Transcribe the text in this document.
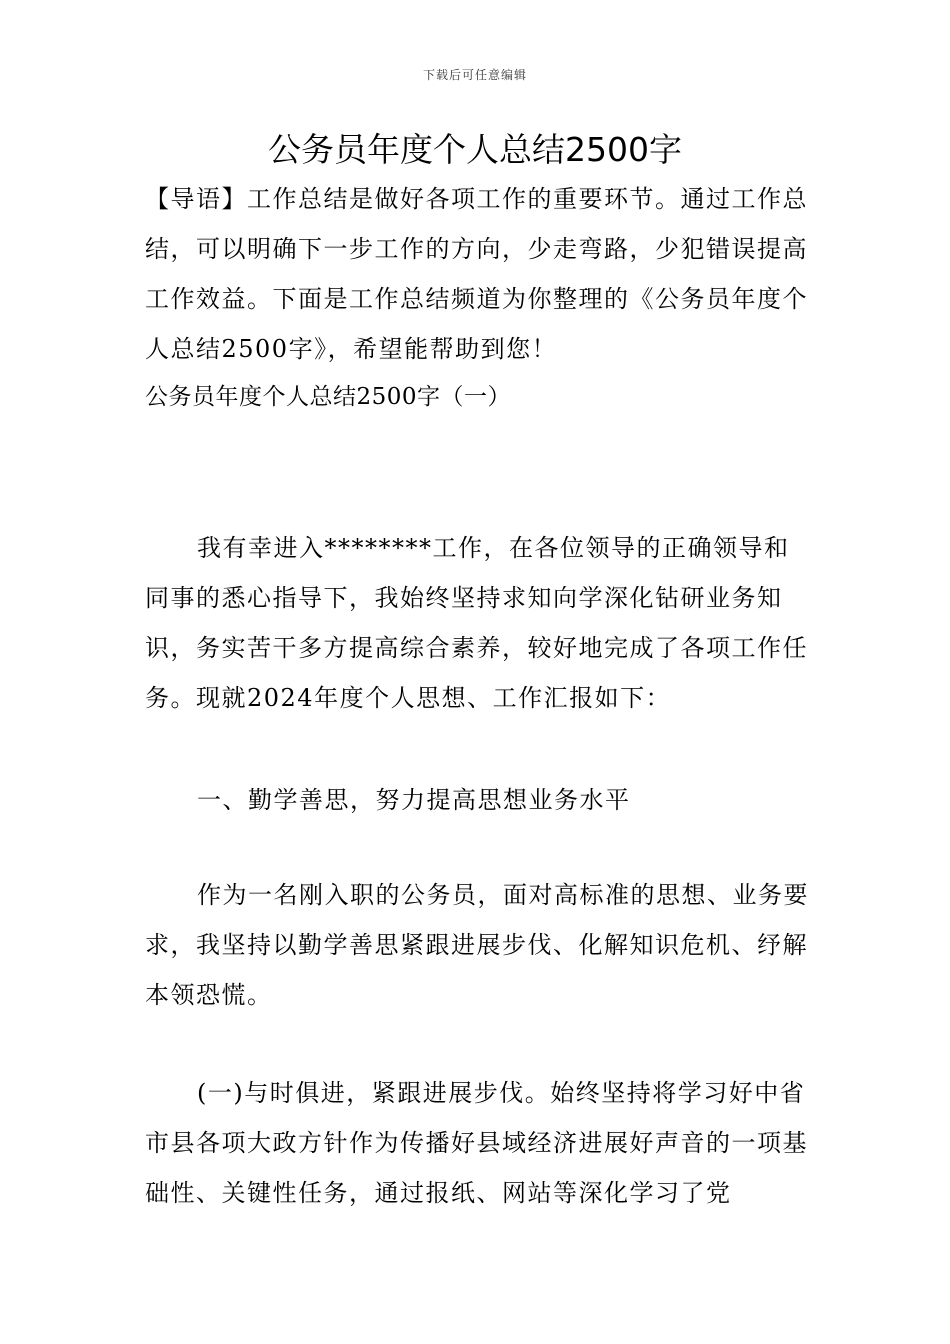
下载后可任意编辑
公务员年度个人总结2500字

【导语】工作总结是做好各项工作的重要环节。通过工作总结，可以明确下一步工作的方向，少走弯路，少犯错误提高工作效益。下面是工作总结频道为你整理的《公务员年度个人总结2500字》，希望能帮助到您！

公务员年度个人总结2500字（一）

我有幸进入********工作，在各位领导的正确领导和同事的悉心指导下，我始终坚持求知向学深化钻研业务知识，务实苦干多方提高综合素养，较好地完成了各项工作任务。现就2024年度个人思想、工作汇报如下：

一、勤学善思，努力提高思想业务水平

作为一名刚入职的公务员，面对高标准的思想、业务要求，我坚持以勤学善思紧跟进展步伐、化解知识危机、纾解本领恐慌。

(一)与时俱进，紧跟进展步伐。始终坚持将学习好中省市县各项大政方针作为传播好县域经济进展好声音的一项基础性、关键性任务，通过报纸、网站等深化学习了党
